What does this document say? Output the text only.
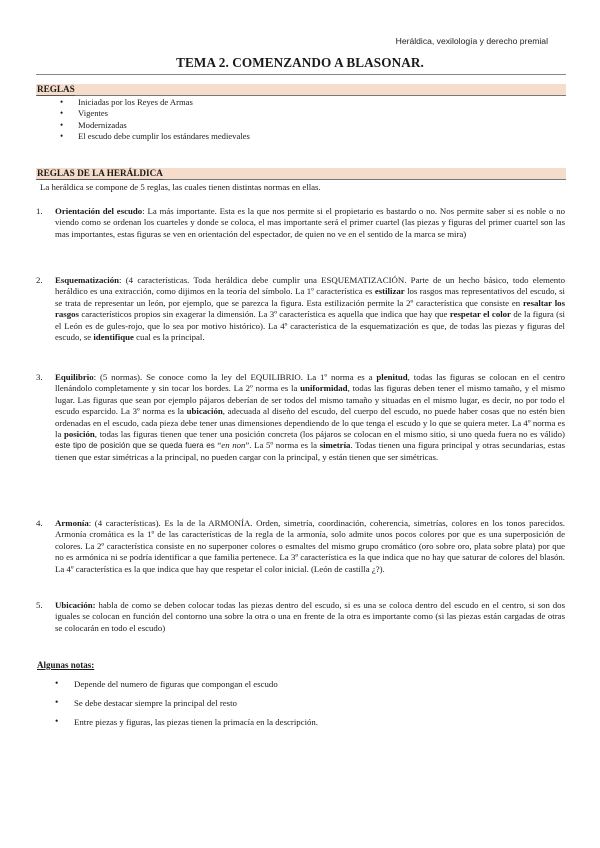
Heráldica, vexilología y derecho premial
TEMA 2. COMENZANDO A BLASONAR.
REGLAS
• Iniciadas por los Reyes de Armas
• Vigentes
• Modernizadas
• El escudo debe cumplir los estándares medievales
REGLAS DE LA HERÁLDICA
La heráldica se compone de 5 reglas, las cuales tienen distintas normas en ellas.
1. Orientación del escudo: La más importante. Esta es la que nos permite si el propietario es bastardo o no. Nos permite saber si es noble o no viendo como se ordenan los cuarteles y donde se coloca, el mas importante será el primer cuartel (las piezas y figuras del primer cuartel son las mas importantes, estas figuras se ven en orientación del espectador, de quien no ve en el sentido de la marca se mira)
2. Esquematización: (4 características. Toda heráldica debe cumplir una ESQUEMATIZACIÓN. Parte de un hecho básico, todo elemento heráldico es una extracción, como dijimos en la teoría del símbolo. La 1º característica es estilizar los rasgos mas representativos del escudo, si se trata de representar un león, por ejemplo, que se parezca la figura. Esta estilización permite la 2º característica que consiste en resaltar los rasgos característicos propios sin exagerar la dimensión. La 3º característica es aquella que indica que hay que respetar el color de la figura (si el León es de gules-rojo, que lo sea por motivo histórico). La 4º característica de la esquematización es que, de todas las piezas y figuras del escudo, se identifique cual es la principal.
3. Equilibrio: (5 normas). Se conoce como la ley del EQUILIBRIO. La 1º norma es a plenitud, todas las figuras se colocan en el centro llenándolo completamente y sin tocar los bordes. La 2º norma es la uniformidad, todas las figuras deben tener el mismo tamaño, y el mismo lugar. Las figuras que sean por ejemplo pájaros deberían de ser todos del mismo tamaño y situadas en el mismo lugar, es decir, no por todo el escudo esparcido. La 3º norma es la ubicación, adecuada al diseño del escudo, del cuerpo del escudo, no puede haber cosas que no estén bien ordenadas en el escudo, cada pieza debe tener unas dimensiones dependiendo de lo que tenga el escudo y lo que se quiera meter. La 4º norma es la posición, todas las figuras tienen que tener una posición concreta (los pájaros se colocan en el mismo sitio, si uno queda fuera no es válido) este tipo de posición que se queda fuera es “en non”. La 5º norma es la simetría. Todas tienen una figura principal y otras secundarias, estas tienen que estar simétricas a la principal, no pueden cargar con la principal, y están tienen que ser simétricas.
4. Armonía: (4 características). Es la de la ARMONÍA. Orden, simetría, coordinación, coherencia, simetrías, colores en los tonos parecidos. Armonía cromática es la 1º de las características de la regla de la armonía, solo admite unos pocos colores por que es una superposición de colores. La 2º característica consiste en no superponer colores o esmaltes del mismo grupo cromático (oro sobre oro, plata sobre plata) por que no es armónica ni se podría identificar a que familia pertenece. La 3º característica es la que indica que no hay que saturar de colores del blasón. La 4º característica es la que indica que hay que respetar el color inicial. (León de castilla ¿?).
5. Ubicación: habla de como se deben colocar todas las piezas dentro del escudo, si es una se coloca dentro del escudo en el centro, si son dos iguales se colocan en función del contorno una sobre la otra o una en frente de la otra es importante como (si las piezas están cargadas de otras se colocarán en todo el escudo)
Algunas notas:
• Depende del numero de figuras que compongan el escudo
• Se debe destacar siempre la principal del resto
• Entre piezas y figuras, las piezas tienen la primacía en la descripción.
